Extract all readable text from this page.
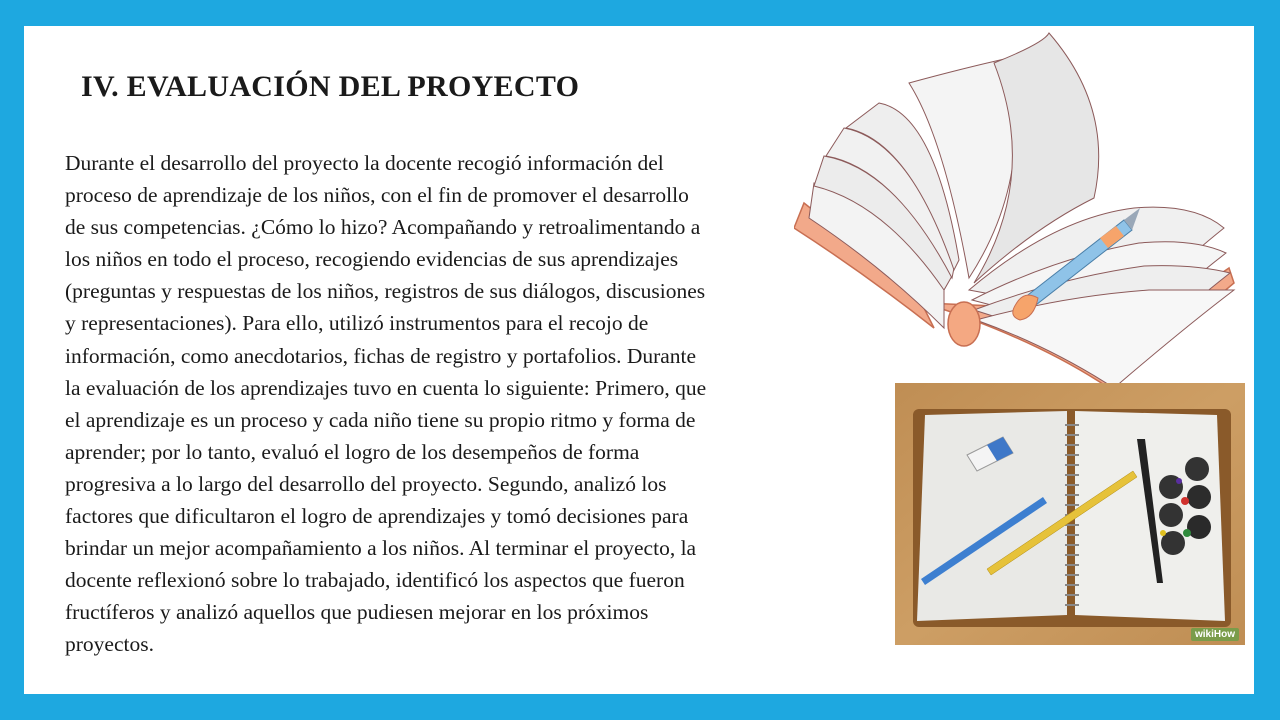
IV. EVALUACIÓN DEL PROYECTO
Durante el desarrollo del proyecto la docente recogió información del
proceso de aprendizaje de los niños, con el fin de promover el desarrollo
de sus competencias. ¿Cómo lo hizo? Acompañando y retroalimentando a
los niños en todo el proceso, recogiendo evidencias de sus aprendizajes
(preguntas y respuestas de los niños, registros de sus diálogos, discusiones
y representaciones). Para ello, utilizó instrumentos para el recojo de
información, como anecdotarios, fichas de registro y portafolios. Durante
la evaluación de los aprendizajes tuvo en cuenta lo siguiente: Primero, que
el aprendizaje es un proceso y cada niño tiene su propio ritmo y forma de
aprender; por lo tanto, evaluó el logro de los desempeños de forma
progresiva a lo largo del desarrollo del proyecto. Segundo, analizó los
factores que dificultaron el logro de aprendizajes y tomó decisiones para
brindar un mejor acompañamiento a los niños. Al terminar el proyecto, la
docente reflexionó sobre lo trabajado, identificó los aspectos que fueron
fructíferos y analizó aquellos que pudiesen mejorar en los próximos
proyectos.	wikiHow
